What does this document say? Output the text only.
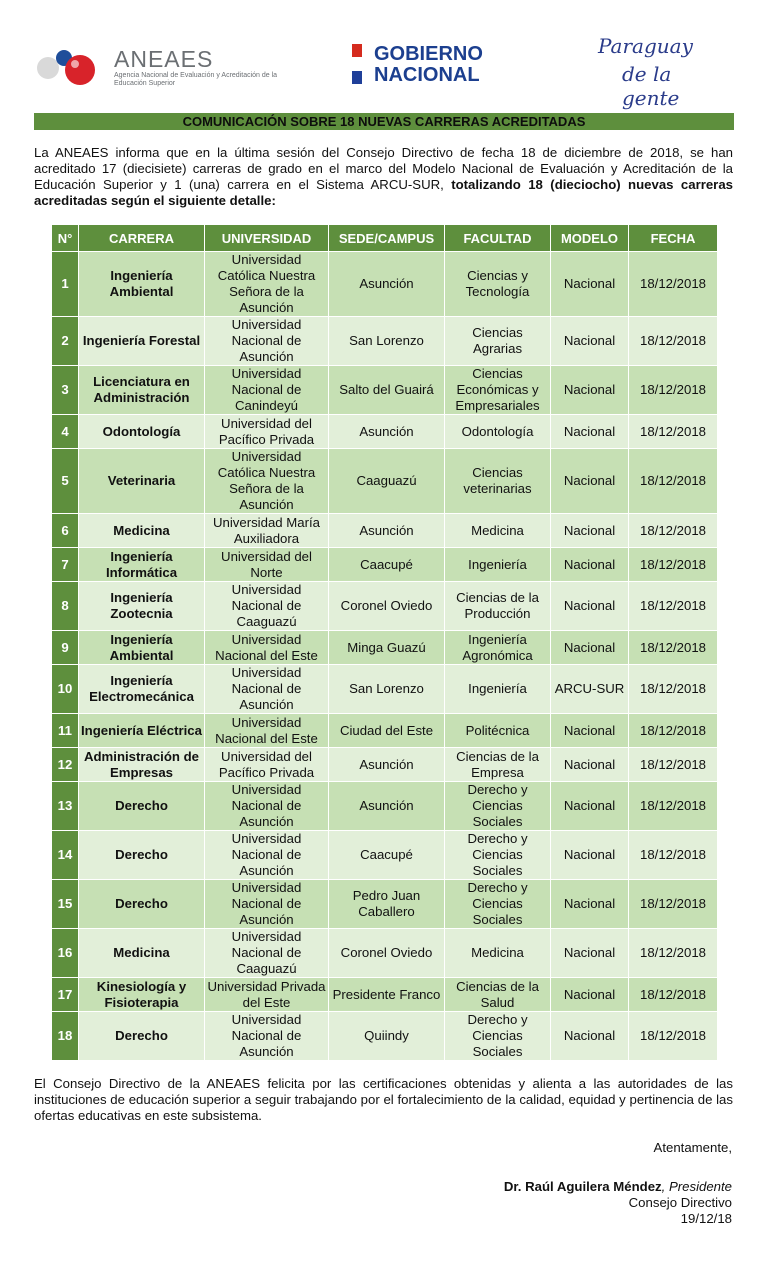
ANEAES
Agencia Nacional de Evaluación y Acreditación de la Educación Superior
GOBIERNO
NACIONAL
Paraguay
de la gente
COMUNICACIÓN SOBRE 18 NUEVAS CARRERAS ACREDITADAS
La ANEAES informa que en la última sesión del Consejo Directivo de fecha 18 de diciembre de 2018, se han acreditado 17 (diecisiete) carreras de grado en el marco del Modelo Nacional de Evaluación y Acreditación de la Educación Superior y 1 (una) carrera en el Sistema ARCU-SUR, totalizando 18 (dieciocho) nuevas carreras acreditadas según el siguiente detalle:
N°	CARRERA	UNIVERSIDAD	SEDE/CAMPUS	FACULTAD	MODELO	FECHA
1	Ingeniería Ambiental	Universidad Católica Nuestra Señora de la Asunción	Asunción	Ciencias y Tecnología	Nacional	18/12/2018
2	Ingeniería Forestal	Universidad Nacional de Asunción	San Lorenzo	Ciencias Agrarias	Nacional	18/12/2018
3	Licenciatura en Administración	Universidad Nacional de Canindeyú	Salto del Guairá	Ciencias Económicas y Empresariales	Nacional	18/12/2018
4	Odontología	Universidad del Pacífico Privada	Asunción	Odontología	Nacional	18/12/2018
5	Veterinaria	Universidad Católica Nuestra Señora de la Asunción	Caaguazú	Ciencias veterinarias	Nacional	18/12/2018
6	Medicina	Universidad María Auxiliadora	Asunción	Medicina	Nacional	18/12/2018
7	Ingeniería Informática	Universidad del Norte	Caacupé	Ingeniería	Nacional	18/12/2018
8	Ingeniería Zootecnia	Universidad Nacional de Caaguazú	Coronel Oviedo	Ciencias de la Producción	Nacional	18/12/2018
9	Ingeniería Ambiental	Universidad Nacional del Este	Minga Guazú	Ingeniería Agronómica	Nacional	18/12/2018
10	Ingeniería Electromecánica	Universidad Nacional de Asunción	San Lorenzo	Ingeniería	ARCU-SUR	18/12/2018
11	Ingeniería Eléctrica	Universidad Nacional del Este	Ciudad del Este	Politécnica	Nacional	18/12/2018
12	Administración de Empresas	Universidad del Pacífico Privada	Asunción	Ciencias de la Empresa	Nacional	18/12/2018
13	Derecho	Universidad Nacional de Asunción	Asunción	Derecho y Ciencias Sociales	Nacional	18/12/2018
14	Derecho	Universidad Nacional de Asunción	Caacupé	Derecho y Ciencias Sociales	Nacional	18/12/2018
15	Derecho	Universidad Nacional de Asunción	Pedro Juan Caballero	Derecho y Ciencias Sociales	Nacional	18/12/2018
16	Medicina	Universidad Nacional de Caaguazú	Coronel Oviedo	Medicina	Nacional	18/12/2018
17	Kinesiología y Fisioterapia	Universidad Privada del Este	Presidente Franco	Ciencias de la Salud	Nacional	18/12/2018
18	Derecho	Universidad Nacional de Asunción	Quiindy	Derecho y Ciencias Sociales	Nacional	18/12/2018
El Consejo Directivo de la ANEAES felicita por las certificaciones obtenidas y alienta a las autoridades de las instituciones de educación superior a seguir trabajando por el fortalecimiento de la calidad, equidad y pertinencia de las ofertas educativas en este subsistema.
Atentamente,
Dr. Raúl Aguilera Méndez, Presidente
Consejo Directivo
19/12/18
